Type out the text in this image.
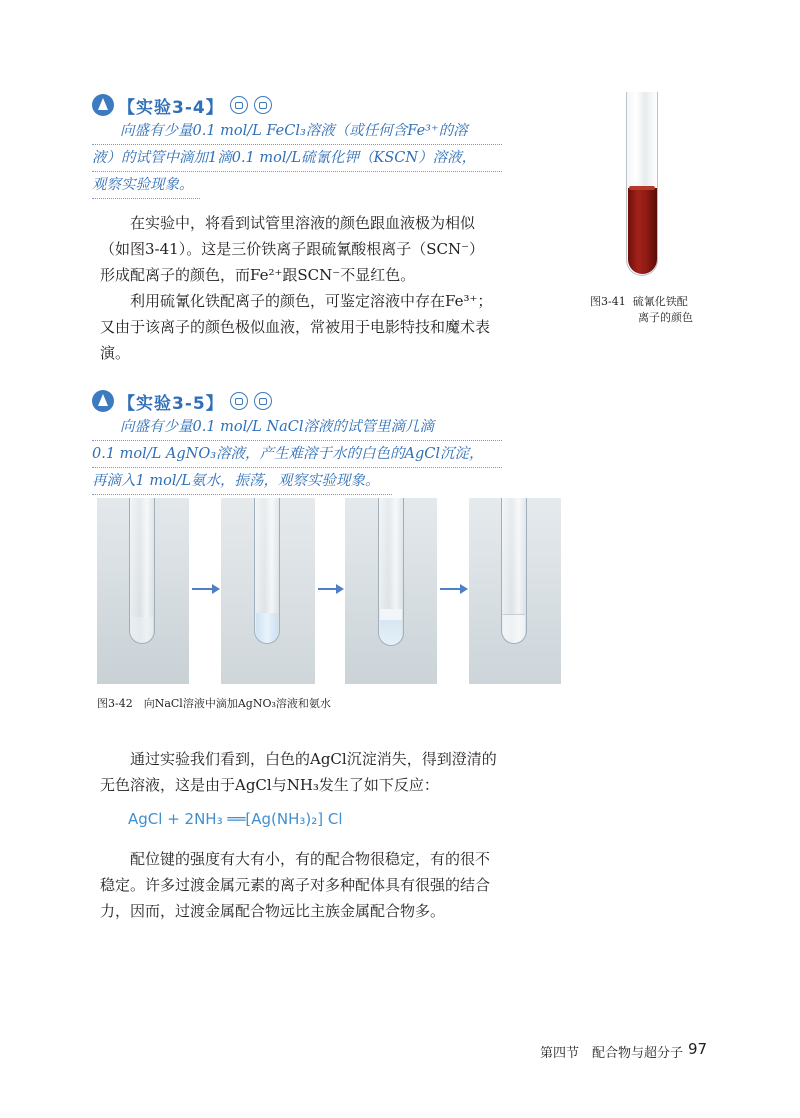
【实验3-4】
向盛有少量0.1 mol/L FeCl₃溶液（或任何含Fe³⁺的溶
液）的试管中滴加1滴0.1 mol/L硫氰化钾（KSCN）溶液，
观察实验现象。

在实验中，将看到试管里溶液的颜色跟血液极为相似（如图3-41）。这是三价铁离子跟硫氰酸根离子（SCN⁻）形成配离子的颜色，而Fe²⁺跟SCN⁻不显红色。

利用硫氰化铁配离子的颜色，可鉴定溶液中存在Fe³⁺；又由于该离子的颜色极似血液，常被用于电影特技和魔术表演。

图3-41 硫氰化铁配
离子的颜色
【实验3-5】
向盛有少量0.1 mol/L NaCl溶液的试管里滴几滴
0.1 mol/L AgNO₃溶液，产生难溶于水的白色的AgCl沉淀，
再滴入1 mol/L氨水，振荡，观察实验现象。
图3-42　向NaCl溶液中滴加AgNO₃溶液和氨水

通过实验我们看到，白色的AgCl沉淀消失，得到澄清的无色溶液，这是由于AgCl与NH₃发生了如下反应：

AgCl + 2NH₃ ══[Ag(NH₃)₂] Cl

配位键的强度有大有小，有的配合物很稳定，有的很不稳定。许多过渡金属元素的离子对多种配体具有很强的结合力，因而，过渡金属配合物远比主族金属配合物多。

第四节　配合物与超分子 97
